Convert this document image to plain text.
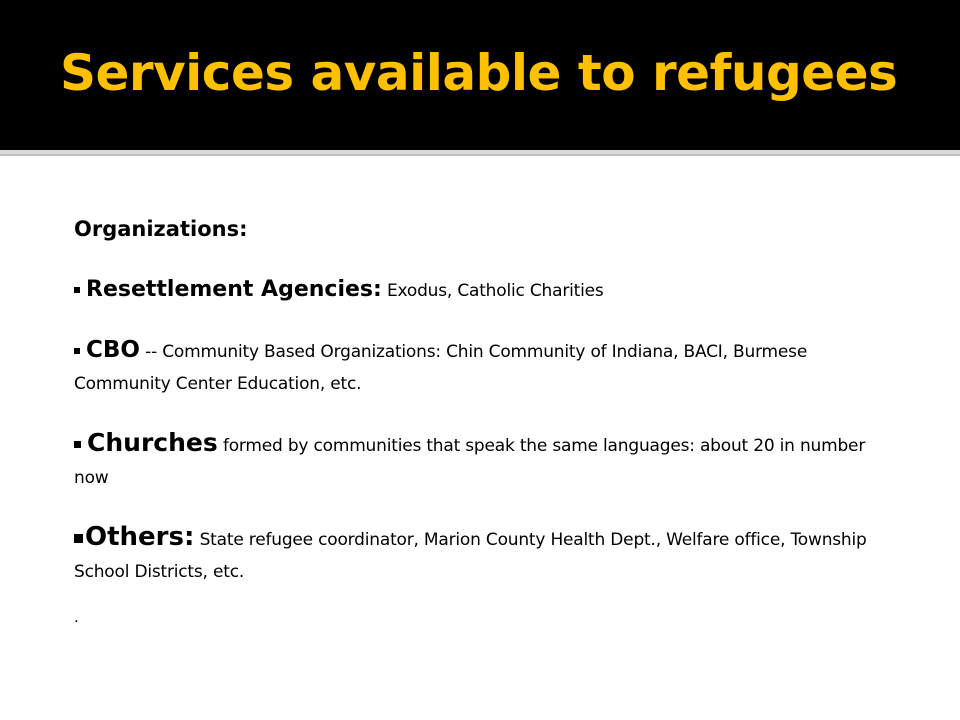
Services available to refugees

Organizations:

Resettlement Agencies: Exodus, Catholic Charities

CBO -- Community Based Organizations: Chin Community of Indiana, BACI, Burmese Community Center Education, etc.

Churches formed by communities that speak the same languages: about 20 in number now

Others: State refugee coordinator, Marion County Health Dept., Welfare office, Township School Districts, etc.

.
